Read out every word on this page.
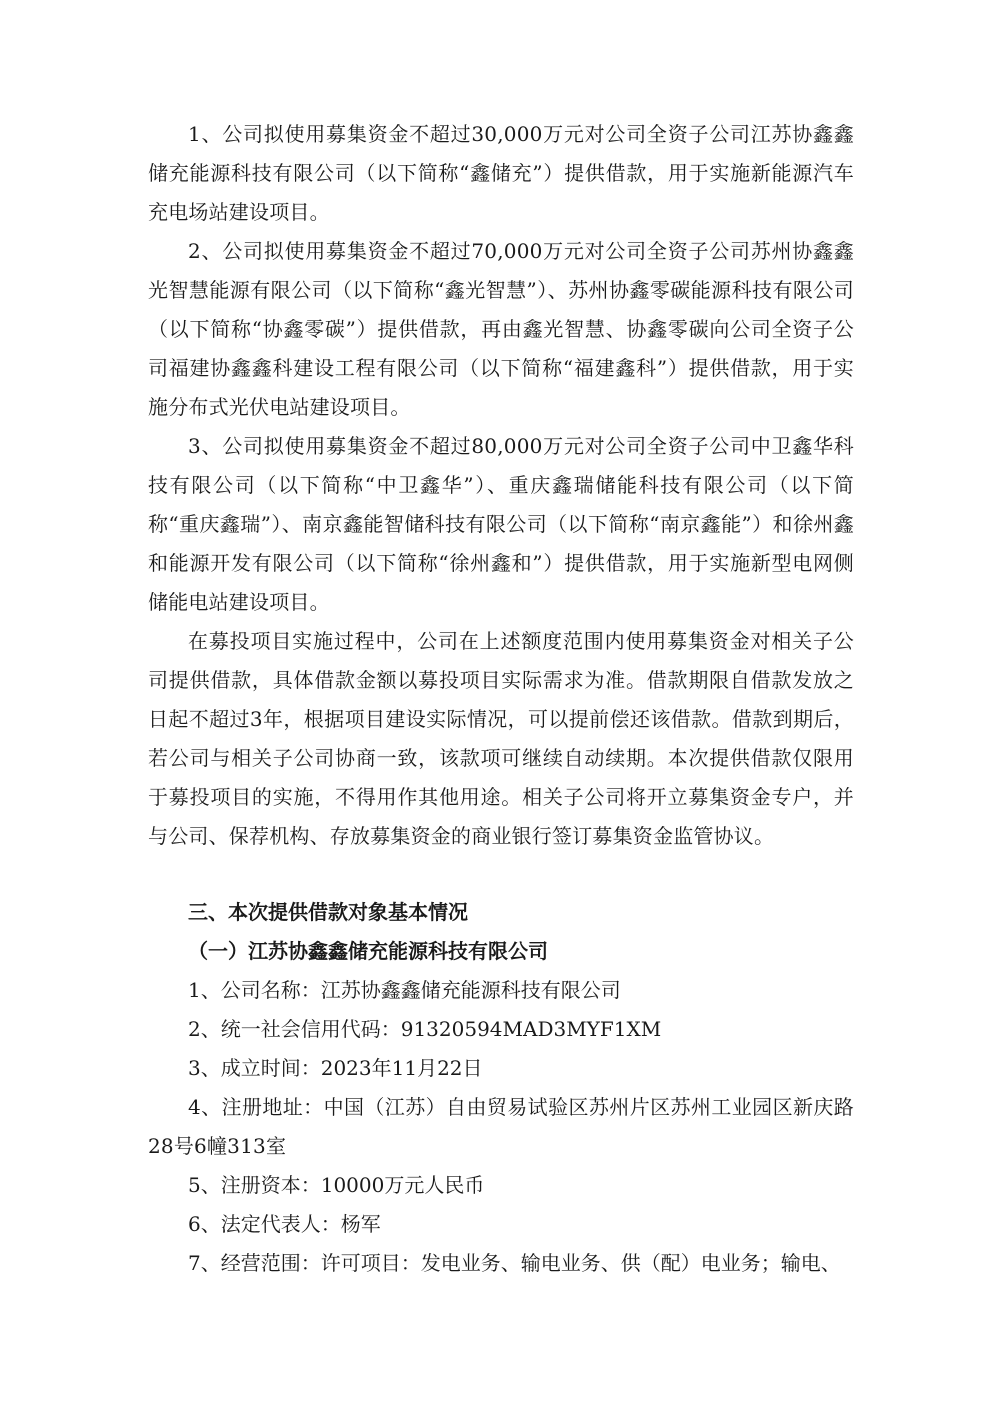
1、公司拟使用募集资金不超过30,000万元对公司全资子公司江苏协鑫鑫储充能源科技有限公司（以下简称“鑫储充”）提供借款，用于实施新能源汽车充电场站建设项目。

2、公司拟使用募集资金不超过70,000万元对公司全资子公司苏州协鑫鑫光智慧能源有限公司（以下简称“鑫光智慧”）、苏州协鑫零碳能源科技有限公司（以下简称“协鑫零碳”）提供借款，再由鑫光智慧、协鑫零碳向公司全资子公司福建协鑫鑫科建设工程有限公司（以下简称“福建鑫科”）提供借款，用于实施分布式光伏电站建设项目。

3、公司拟使用募集资金不超过80,000万元对公司全资子公司中卫鑫华科技有限公司（以下简称“中卫鑫华”）、重庆鑫瑞储能科技有限公司（以下简称“重庆鑫瑞”）、南京鑫能智储科技有限公司（以下简称“南京鑫能”）和徐州鑫和能源开发有限公司（以下简称“徐州鑫和”）提供借款，用于实施新型电网侧储能电站建设项目。

在募投项目实施过程中，公司在上述额度范围内使用募集资金对相关子公司提供借款，具体借款金额以募投项目实际需求为准。借款期限自借款发放之日起不超过3年，根据项目建设实际情况，可以提前偿还该借款。借款到期后，若公司与相关子公司协商一致，该款项可继续自动续期。本次提供借款仅限用于募投项目的实施，不得用作其他用途。相关子公司将开立募集资金专户，并与公司、保荐机构、存放募集资金的商业银行签订募集资金监管协议。

三、本次提供借款对象基本情况

（一）江苏协鑫鑫储充能源科技有限公司

1、公司名称：江苏协鑫鑫储充能源科技有限公司

2、统一社会信用代码：91320594MAD3MYF1XM

3、成立时间：2023年11月22日

4、注册地址：中国（江苏）自由贸易试验区苏州片区苏州工业园区新庆路28号6幢313室

5、注册资本：10000万元人民币

6、法定代表人：杨军

7、经营范围：许可项目：发电业务、输电业务、供（配）电业务；输电、
